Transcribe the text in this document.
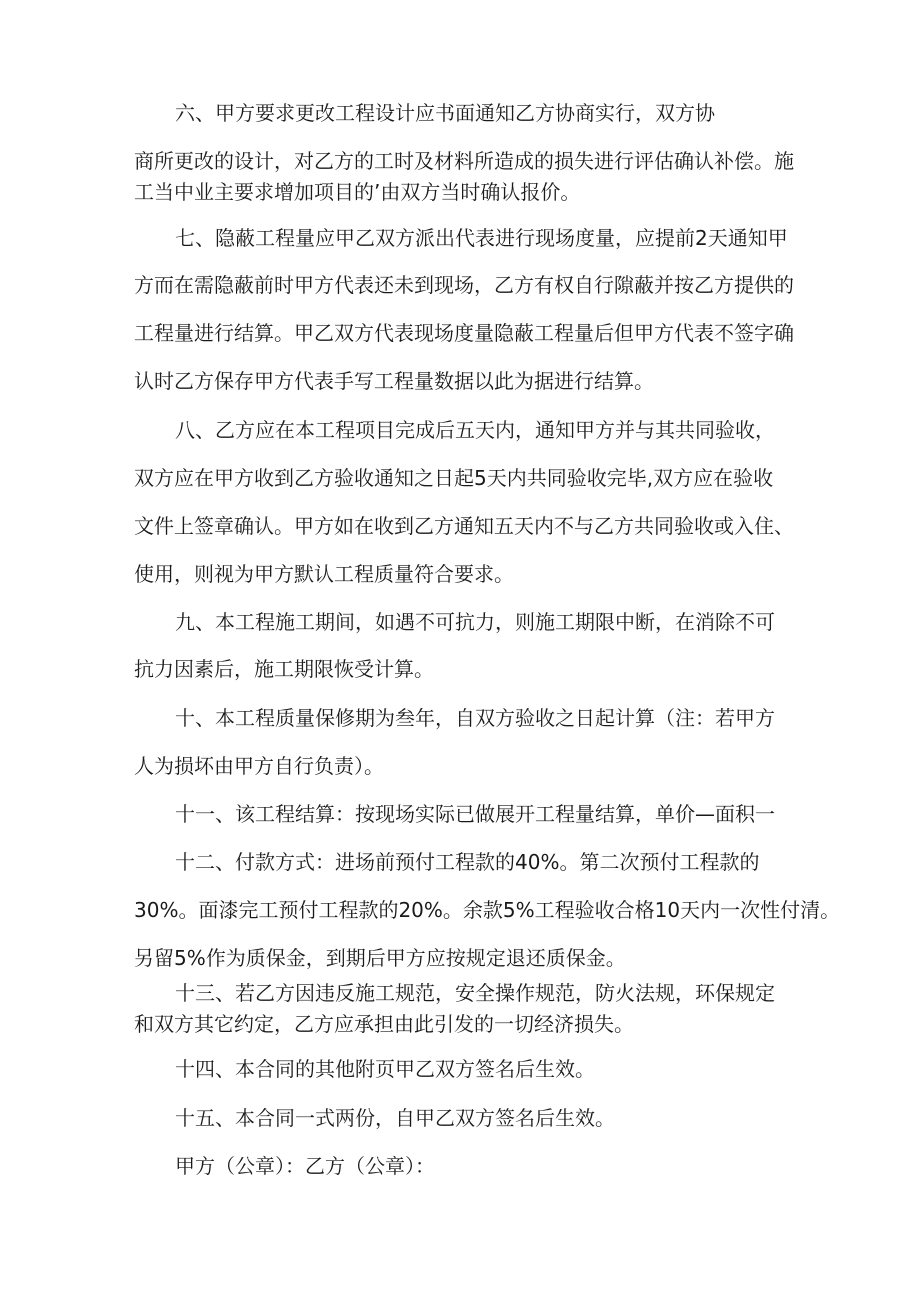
六、甲方要求更改工程设计应书面通知乙方协商实行，双方协
商所更改的设计，对乙方的工时及材料所造成的损失进行评估确认补偿。施
工当中业主要求增加项目的’由双方当时确认报价。
七、隐蔽工程量应甲乙双方派出代表进行现场度量，应提前2天通知甲
方而在需隐蔽前时甲方代表还未到现场，乙方有权自行隙蔽并按乙方提供的
工程量进行结算。甲乙双方代表现场度量隐蔽工程量后但甲方代表不签字确
认时乙方保存甲方代表手写工程量数据以此为据进行结算。
八、乙方应在本工程项目完成后五天内，通知甲方并与其共同验收，
双方应在甲方收到乙方验收通知之日起5天内共同验收完毕,双方应在验收
文件上签章确认。甲方如在收到乙方通知五天内不与乙方共同验收或入住、
使用，则视为甲方默认工程质量符合要求。
九、本工程施工期间，如遇不可抗力，则施工期限中断，在消除不可
抗力因素后，施工期限恢受计算。
十、本工程质量保修期为叁年，自双方验收之日起计算（注：若甲方
人为损坏由甲方自行负责）。
十一、该工程结算：按现场实际已做展开工程量结算，单价—面积一
十二、付款方式：进场前预付工程款的40%。第二次预付工程款的
30%。面漆完工预付工程款的20%。余款5%工程验收合格10天内一次性付清。
另留5%作为质保金，到期后甲方应按规定退还质保金。
十三、若乙方因违反施工规范，安全操作规范，防火法规，环保规定
和双方其它约定，乙方应承担由此引发的一切经济损失。
十四、本合同的其他附页甲乙双方签名后生效。
十五、本合同一式两份，自甲乙双方签名后生效。
甲方（公章）：乙方（公章）：
